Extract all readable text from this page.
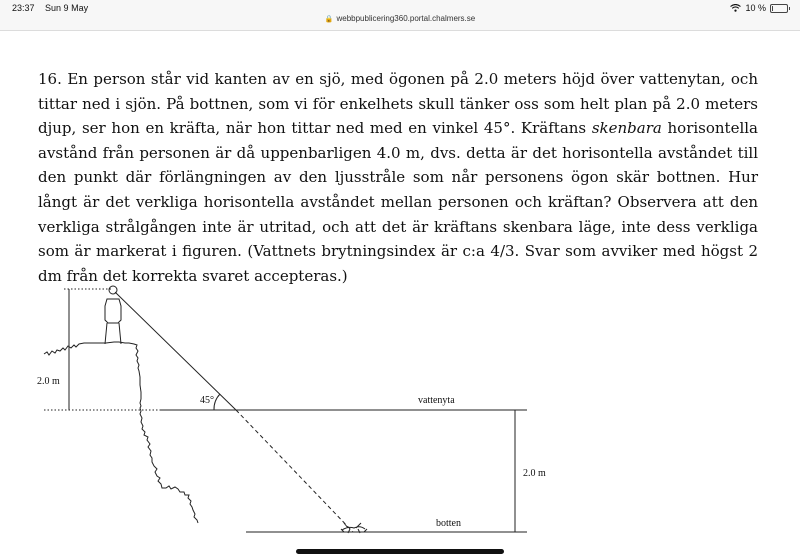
23:37 Sun 9 May
🔒 webbpublicering360.portal.chalmers.se
10 %
16. En person står vid kanten av en sjö, med ögonen på 2.0 meters höjd över vattenytan, och tittar ned i sjön. På bottnen, som vi för enkelhets skull tänker oss som helt plan på 2.0 meters djup, ser hon en kräfta, när hon tittar ned med en vinkel 45°. Kräftans skenbara horisontella avstånd från personen är då uppenbarligen 4.0 m, dvs. detta är det horisontella avståndet till den punkt där förlängningen av den ljusstråle som når personens ögon skär bottnen. Hur långt är det verkliga horisontella avståndet mellan personen och kräftan? Observera att den verkliga strålgången inte är utritad, och att det är kräftans skenbara läge, inte dess verkliga som är markerat i figuren. (Vattnets brytningsindex är c:a 4/3. Svar som avviker med högst 2 dm från det korrekta svaret accepteras.)
2.0 m
45°	vattenyta
2.0 m
botten
